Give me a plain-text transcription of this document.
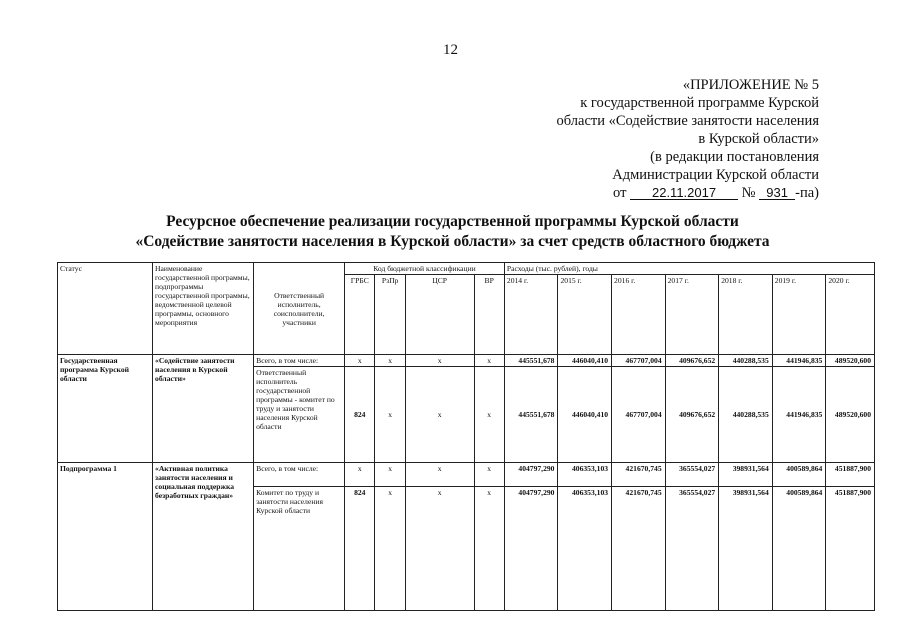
12
«ПРИЛОЖЕНИЕ № 5
к государственной программе Курской
области «Содействие занятости населения
в Курской области»
(в редакции постановления
Администрации Курской области
от 22.11.2017 № 931 -па)
Ресурсное обеспечение реализации государственной программы Курской области
«Содействие занятости населения в Курской области» за счет средств областного бюджета
Статус	Наименование государственной программы, подпрограммы государственной программы, ведомственной целевой программы, основного мероприятия	Ответственный исполнитель, соисполнители, участники	Код бюджетной классификации				Расходы (тыс. рублей), годы						
			ГРБС	РзПр	ЦСР	ВР	2014 г.	2015 г.	2016 г.	2017 г.	2018 г.	2019 г.	2020 г.
Государственная программа Курской области	«Содействие занятости населения в Курской области»	Всего, в том числе:	х	х	х	х	445551,678	446040,410	467707,004	409676,652	440288,535	441946,835	489520,600
		Ответственный исполнитель государственной программы - комитет по труду и занятости населения Курской области	824	х	х	х	445551,678	446040,410	467707,004	409676,652	440288,535	441946,835	489520,600
Подпрограмма 1	«Активная политика занятости населения и социальная поддержка безработных граждан»	Всего, в том числе:	х	х	х	х	404797,290	406353,103	421670,745	365554,027	398931,564	400589,864	451887,900
		Комитет по труду и занятости населения Курской области	824	х	х	х	404797,290	406353,103	421670,745	365554,027	398931,564	400589,864	451887,900
